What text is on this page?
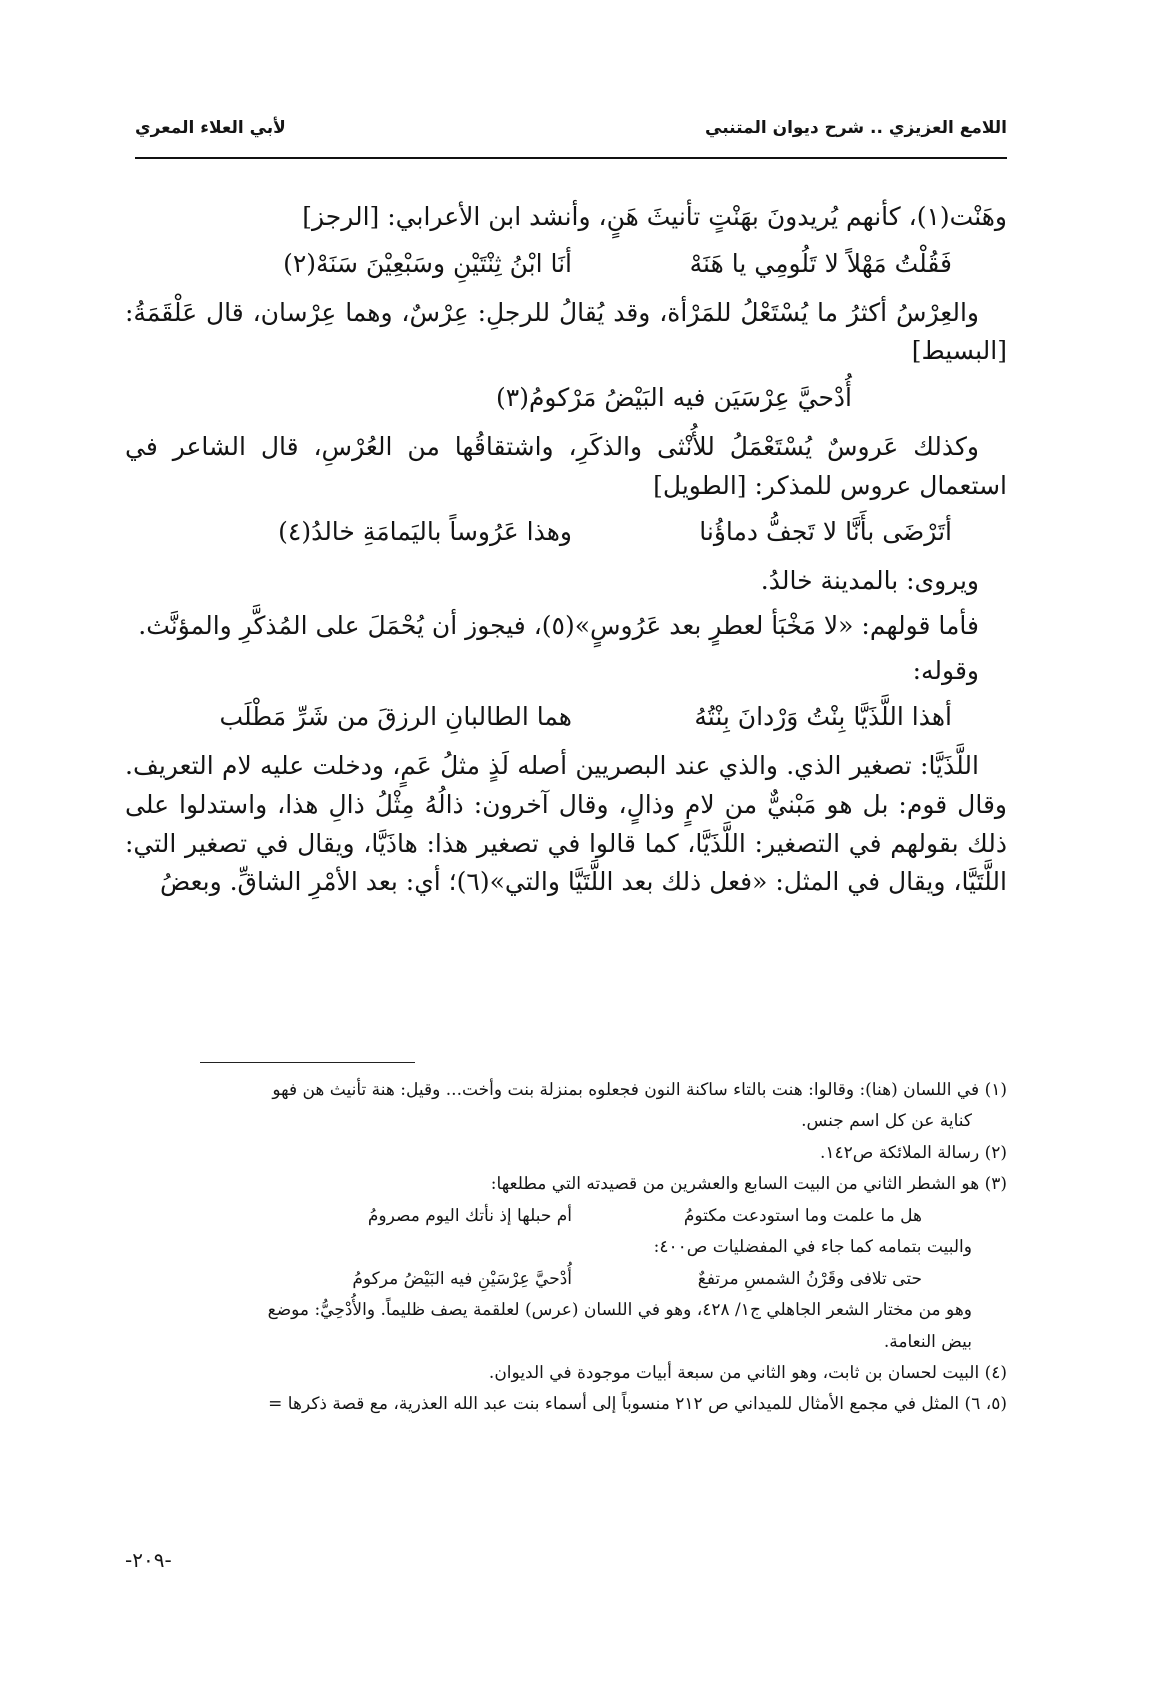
اللامع العزيزي .. شرح ديوان المتنبي
لأبي العلاء المعري

وهَنْت(١)، كأنهم يُريدونَ بهَنْتٍ تأنيثَ هَنٍ، وأنشد ابن الأعرابي: [الرجز]

فَقُلْتُ مَهْلاً لا تَلُومِي يا هَنَهْ
أنَا ابْنُ ثِنْتَيْنِ وسَبْعِيْنَ سَنَهْ(٢)

والعِرْسُ أكثرُ ما يُسْتَعْلُ للمَرْأة، وقد يُقالُ للرجلِ: عِرْسٌ، وهما عِرْسان، قال عَلْقَمَةُ: [البسيط]

أُدْحيَّ عِرْسَيَن فيه البَيْضُ مَرْكومُ(٣)

وكذلك عَروسٌ يُسْتَعْمَلُ للأُنْثى والذكَرِ، واشتقاقُها من العُرْسِ، قال الشاعر في استعمال عروس للمذكر: [الطويل]

أتَرْضَى بأَنَّا لا تَجفُّ دماؤُنا
وهذا عَرُوساً باليَمامَةِ خالدُ(٤)

ويروى: بالمدينة خالدُ.

فأما قولهم: «لا مَخْبَأ لعطرٍ بعد عَرُوسٍ»(٥)، فيجوز أن يُحْمَلَ على المُذكَّرِ والمؤنَّث.

وقوله:

أهذا اللَّذَيَّا بِنْتُ وَرْدانَ بِنْتُهُ
هما الطالبانِ الرزقَ من شَرِّ مَطْلَب

اللَّذَيَّا: تصغير الذي. والذي عند البصريين أصله لَذٍ مثلُ عَمٍ، ودخلت عليه لام التعريف. وقال قوم: بل هو مَبْنيٌّ من لامٍ وذالٍ، وقال آخرون: ذالُهُ مِثْلُ ذالِ هذا، واستدلوا على ذلك بقولهم في التصغير: اللَّذَيَّا، كما قالوا في تصغير هذا: هاذَيَّا، ويقال في تصغير التي: اللَّتَيَّا، ويقال في المثل: «فعل ذلك بعد اللَّتَيَّا والتي»(٦)؛ أي: بعد الأمْرِ الشاقِّ. وبعضُ

(١) في اللسان (هنا): وقالوا: هنت بالتاء ساكنة النون فجعلوه بمنزلة بنت وأخت... وقيل: هنة تأنيث هن فهو

كناية عن كل اسم جنس.

(٢) رسالة الملائكة ص١٤٢.

(٣) هو الشطر الثاني من البيت السابع والعشرين من قصيدته التي مطلعها:

هل ما علمت وما استودعت مكتومُ
أم حبلها إذ نأتك اليوم مصرومُ

والبيت بتمامه كما جاء في المفضليات ص٤٠٠:

حتى تلافى وقَرْنُ الشمسِ مرتفعٌ
أُدْحيَّ عِرْسَيْنِ فيه البَيْضُ مركومُ

وهو من مختار الشعر الجاهلي ج١/ ٤٢٨، وهو في اللسان (عرس) لعلقمة يصف ظليماً. والأُدْحِيُّ: موضع

بيض النعامة.

(٤) البيت لحسان بن ثابت، وهو الثاني من سبعة أبيات موجودة في الديوان.

(٥، ٦) المثل في مجمع الأمثال للميداني ص ٢١٢ منسوباً إلى أسماء بنت عبد الله العذرية، مع قصة ذكرها =

-٢٠٩-
